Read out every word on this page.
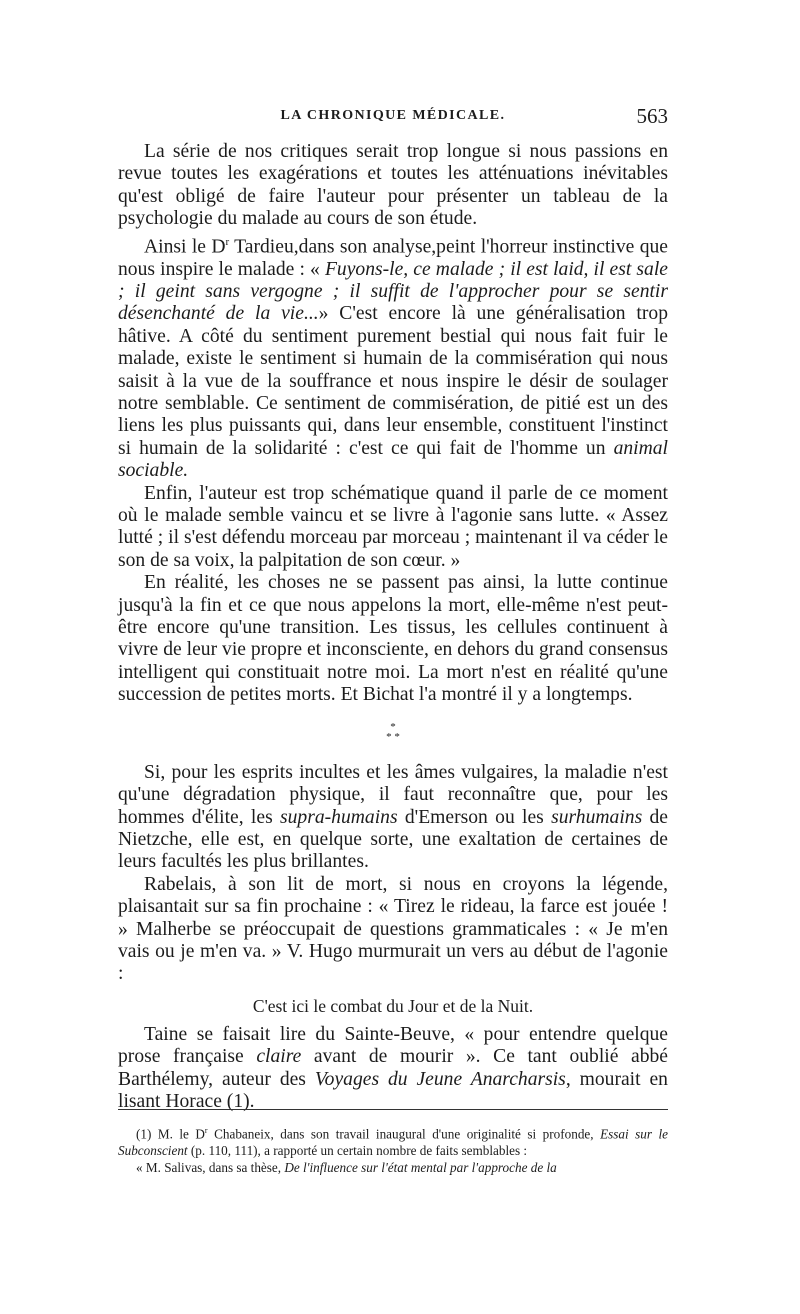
LA CHRONIQUE MÉDICALE.	563

La série de nos critiques serait trop longue si nous passions en revue toutes les exagérations et toutes les atténuations inévitables qu'est obligé de faire l'auteur pour présenter un tableau de la psychologie du malade au cours de son étude.

Ainsi le $D^r$ Tardieu,dans son analyse,peint l'horreur instinctive que nous inspire le malade : « Fuyons-le, ce malade ; il est laid, il est sale ; il geint sans vergogne ; il suffit de l'approcher pour se sentir désenchanté de la vie...» C'est encore là une généralisation trop hâtive. A côté du sentiment purement bestial qui nous fait fuir le malade, existe le sentiment si humain de la commisération qui nous saisit à la vue de la souffrance et nous inspire le désir de soulager notre semblable. Ce sentiment de commisération, de pitié est un des liens les plus puissants qui, dans leur ensemble, constituent l'instinct si humain de la solidarité : c'est ce qui fait de l'homme un animal sociable.

Enfin, l'auteur est trop schématique quand il parle de ce moment où le malade semble vaincu et se livre à l'agonie sans lutte. « Assez lutté ; il s'est défendu morceau par morceau ; maintenant il va céder le son de sa voix, la palpitation de son cœur. »

En réalité, les choses ne se passent pas ainsi, la lutte continue jusqu'à la fin et ce que nous appelons la mort, elle-même n'est peut-être encore qu'une transition. Les tissus, les cellules continuent à vivre de leur vie propre et inconsciente, en dehors du grand consensus intelligent qui constituait notre moi. La mort n'est en réalité qu'une succession de petites morts. Et Bichat l'a montré il y a longtemps.

*
* *

Si, pour les esprits incultes et les âmes vulgaires, la maladie n'est qu'une dégradation physique, il faut reconnaître que, pour les hommes d'élite, les supra-humains d'Emerson ou les surhumains de Nietzche, elle est, en quelque sorte, une exaltation de certaines de leurs facultés les plus brillantes.

Rabelais, à son lit de mort, si nous en croyons la légende, plaisantait sur sa fin prochaine : « Tirez le rideau, la farce est jouée ! » Malherbe se préoccupait de questions grammaticales : « Je m'en vais ou je m'en va. » V. Hugo murmurait un vers au début de l'agonie :

C'est ici le combat du Jour et de la Nuit.

Taine se faisait lire du Sainte-Beuve, « pour entendre quelque prose française claire avant de mourir ». Ce tant oublié abbé Barthélemy, auteur des Voyages du Jeune Anarcharsis, mourait en lisant Horace (1).

(1) M. le $D^r$ Chabaneix, dans son travail inaugural d'une originalité si profonde, Essai sur le Subconscient (p. 110, 111), a rapporté un certain nombre de faits semblables :

« M. Salivas, dans sa thèse, De l'influence sur l'état mental par l'approche de la
